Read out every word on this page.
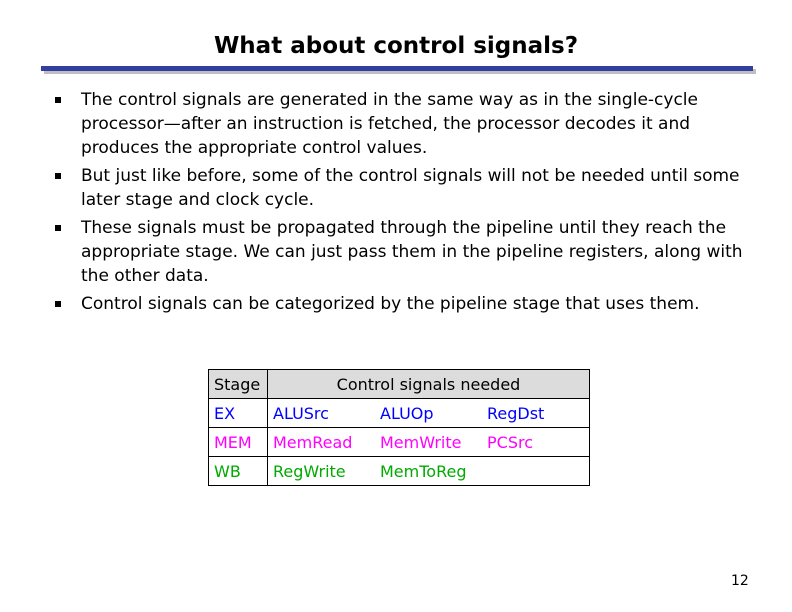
What about control signals?
The control signals are generated in the same way as in the single-cycle processor—after an instruction is fetched, the processor decodes it and produces the appropriate control values.
But just like before, some of the control signals will not be needed until some later stage and clock cycle.
These signals must be propagated through the pipeline until they reach the appropriate stage. We can just pass them in the pipeline registers, along with the other data.
Control signals can be categorized by the pipeline stage that uses them.
Stage	Control signals needed		
EX	ALUSrc	ALUOp	RegDst
MEM	MemRead	MemWrite	PCSrc
WB	RegWrite	MemToReg	
12
